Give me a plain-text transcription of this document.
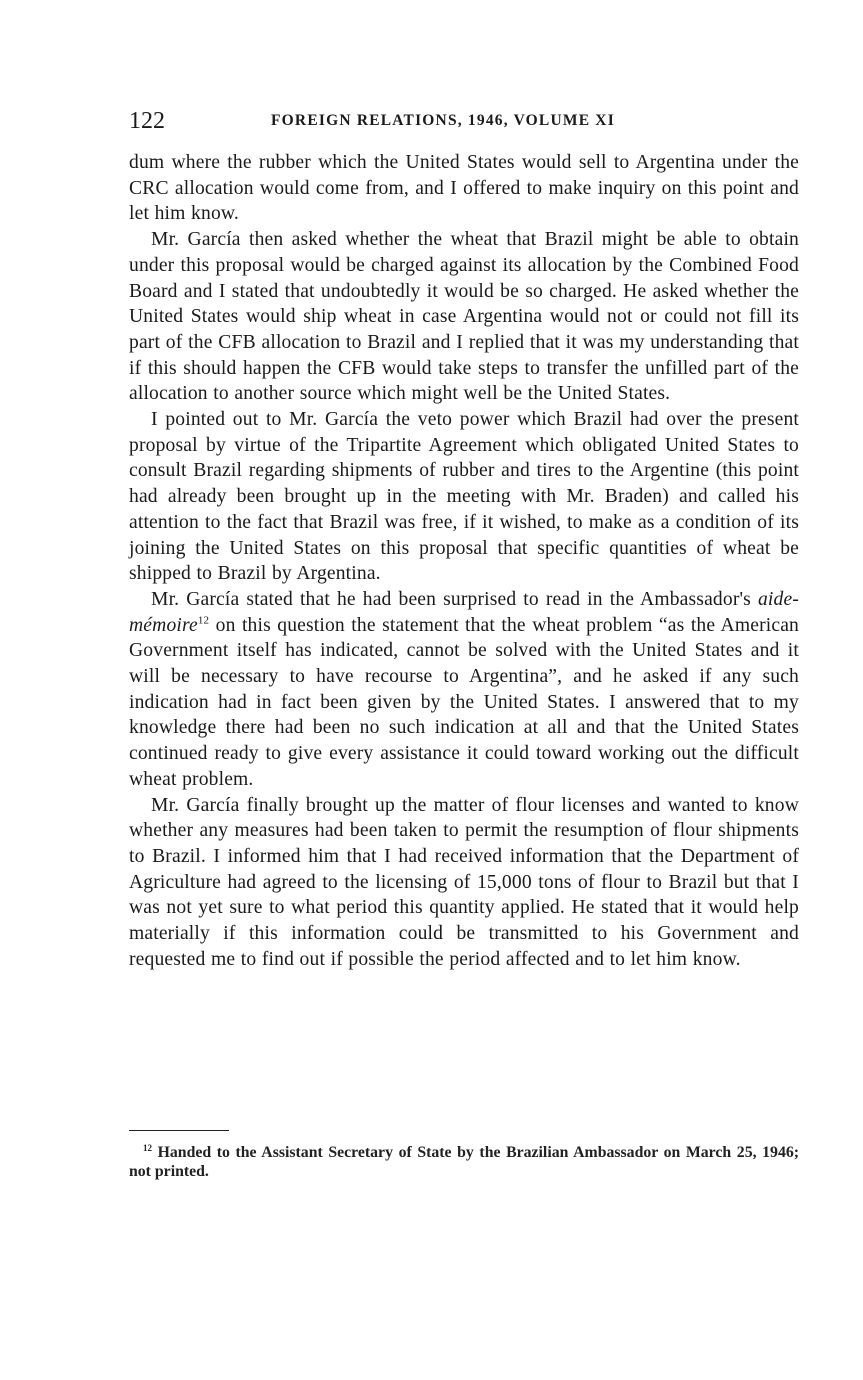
122	FOREIGN RELATIONS, 1946, VOLUME XI

dum where the rubber which the United States would sell to Argentina under the CRC allocation would come from, and I offered to make inquiry on this point and let him know.

Mr. García then asked whether the wheat that Brazil might be able to obtain under this proposal would be charged against its allocation by the Combined Food Board and I stated that undoubtedly it would be so charged. He asked whether the United States would ship wheat in case Argentina would not or could not fill its part of the CFB allocation to Brazil and I replied that it was my understanding that if this should happen the CFB would take steps to transfer the unfilled part of the allocation to another source which might well be the United States.

I pointed out to Mr. García the veto power which Brazil had over the present proposal by virtue of the Tripartite Agreement which obligated United States to consult Brazil regarding shipments of rubber and tires to the Argentine (this point had already been brought up in the meeting with Mr. Braden) and called his attention to the fact that Brazil was free, if it wished, to make as a condition of its joining the United States on this proposal that specific quantities of wheat be shipped to Brazil by Argentina.

Mr. García stated that he had been surprised to read in the Ambassador's aide-mémoire$^{12}$ on this question the statement that the wheat problem “as the American Government itself has indicated, cannot be solved with the United States and it will be necessary to have recourse to Argentina”, and he asked if any such indication had in fact been given by the United States. I answered that to my knowledge there had been no such indication at all and that the United States continued ready to give every assistance it could toward working out the difficult wheat problem.

Mr. García finally brought up the matter of flour licenses and wanted to know whether any measures had been taken to permit the resumption of flour shipments to Brazil. I informed him that I had received information that the Department of Agriculture had agreed to the licensing of 15,000 tons of flour to Brazil but that I was not yet sure to what period this quantity applied. He stated that it would help materially if this information could be transmitted to his Government and requested me to find out if possible the period affected and to let him know.

$^{12}$ Handed to the Assistant Secretary of State by the Brazilian Ambassador on March 25, 1946; not printed.
